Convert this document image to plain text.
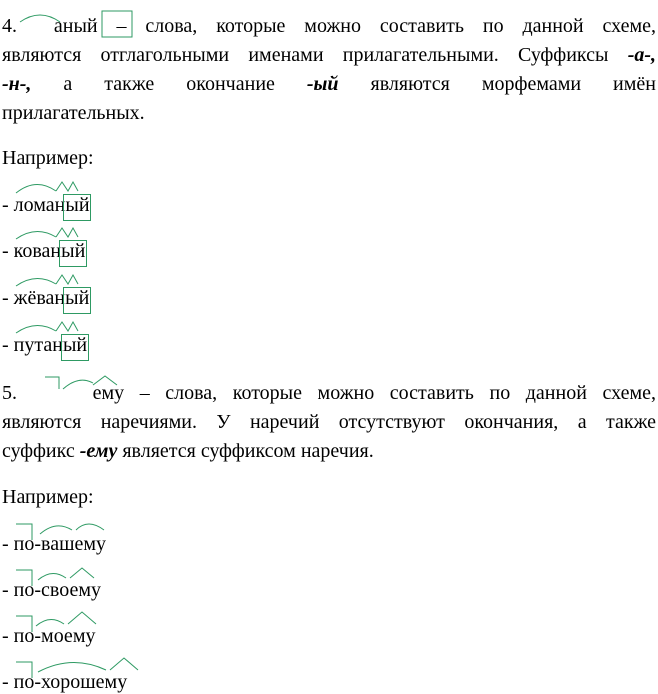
4. аный – слова, которые можно составить по данной схеме,
являются отглагольными именами прилагательными. Суффиксы -а-,
-н-, а также окончание -ый являются морфемами имён
прилагательных.
Например:
- ломан
ый
- кован
ый
- жёван
ый
- путан
ый
5.	ему – слова, которые можно составить по данной схеме,
являются наречиями. У наречий отсутствуют окончания, а также
суффикс -ему является суффиксом наречия.
Например:
- по-вашему
- по-своему
- по-моему
- по-хорошему
